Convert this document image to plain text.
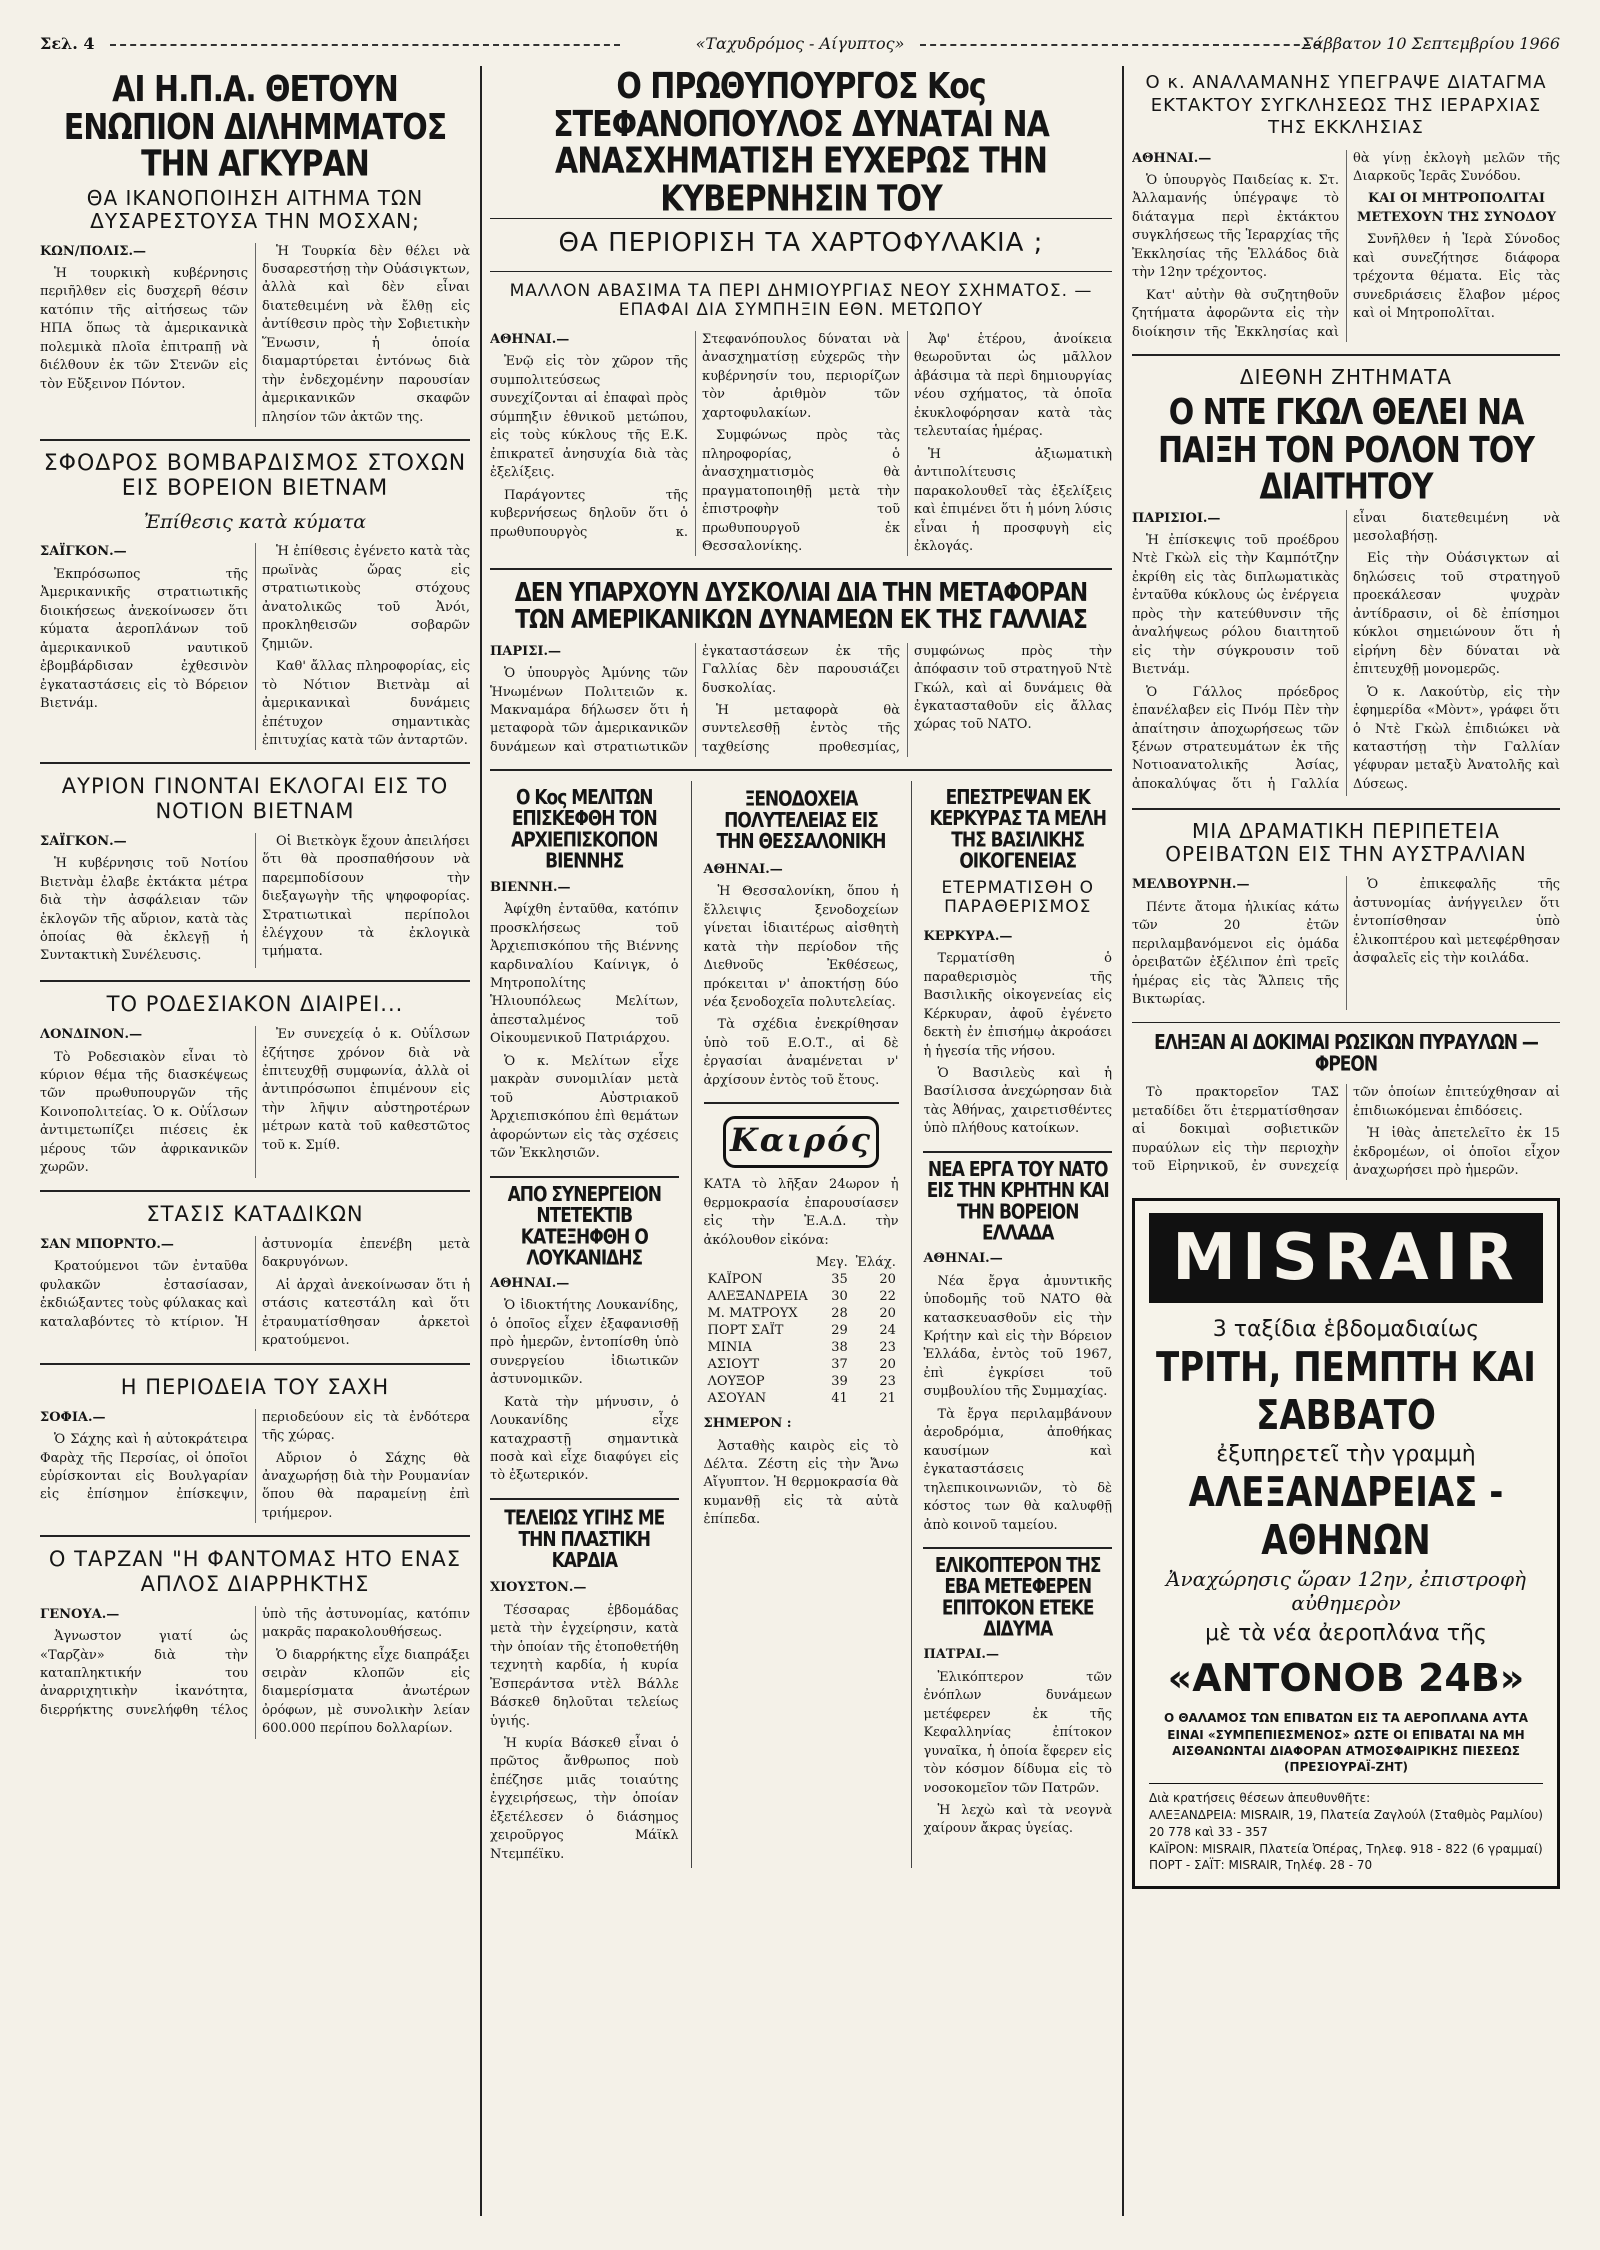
Σελ. 4	«Ταχυδρόμος - Αίγυπτος»	Σάββατον 10 Σεπτεμβρίου 1966
ΑΙ Η.Π.Α. ΘΕΤΟΥΝ ΕΝΩΠΙΟΝ ΔΙΛΗΜΜΑΤΟΣ ΤΗΝ ΑΓΚΥΡΑΝ
ΘΑ ΙΚΑΝΟΠΟΙΗΣΗ ΑΙΤΗΜΑ ΤΩΝ ΔΥΣΑΡΕΣΤΟΥΣΑ ΤΗΝ ΜΟΣΧΑΝ;

ΚΩΝ/ΠΟΛΙΣ.—

Ἡ τουρκικὴ κυβέρνησις περιῆλθεν εἰς δυσχερῆ θέσιν κατόπιν τῆς αἰτήσεως τῶν ΗΠΑ ὅπως τὰ ἀμερικανικὰ πολεμικὰ πλοῖα ἐπιτραπῇ νὰ διέλθουν ἐκ τῶν Στενῶν εἰς τὸν Εὔξεινον Πόντον.

Ἡ Τουρκία δὲν θέλει νὰ δυσαρεστήσῃ τὴν Οὐάσιγκτων, ἀλλὰ καὶ δὲν εἶναι διατεθειμένη νὰ ἔλθῃ εἰς ἀντίθεσιν πρὸς τὴν Σοβιετικὴν Ἕνωσιν, ἡ ὁποία διαμαρτύρεται ἐντόνως διὰ τὴν ἐνδεχομένην παρουσίαν ἀμερικανικῶν σκαφῶν πλησίον τῶν ἀκτῶν της.

ΣΦΟΔΡΟΣ ΒΟΜΒΑΡΔΙΣΜΟΣ ΣΤΟΧΩΝ ΕΙΣ ΒΟΡΕΙΟΝ ΒΙΕΤΝΑΜ
Ἐπίθεσις κατὰ κύματα

ΣΑΪΓΚΟΝ.—

Ἐκπρόσωπος τῆς Ἀμερικανικῆς στρατιωτικῆς διοικήσεως ἀνεκοίνωσεν ὅτι κύματα ἀεροπλάνων τοῦ ἀμερικανικοῦ ναυτικοῦ ἐβομβάρδισαν ἐχθεσινὸν ἐγκαταστάσεις εἰς τὸ Βόρειον Βιετνάμ.

Ἡ ἐπίθεσις ἐγένετο κατὰ τὰς πρωϊνὰς ὥρας εἰς στρατιωτικοὺς στόχους ἀνατολικῶς τοῦ Ἀνόι, προκληθεισῶν σοβαρῶν ζημιῶν.

Καθ' ἄλλας πληροφορίας, εἰς τὸ Νότιον Βιετνὰμ αἱ ἀμερικανικαὶ δυνάμεις ἐπέτυχον σημαντικὰς ἐπιτυχίας κατὰ τῶν ἀνταρτῶν.

ΑΥΡΙΟΝ ΓΙΝΟΝΤΑΙ ΕΚΛΟΓΑΙ ΕΙΣ ΤΟ ΝΟΤΙΟΝ ΒΙΕΤΝΑΜ

ΣΑΪΓΚΟΝ.—

Ἡ κυβέρνησις τοῦ Νοτίου Βιετνὰμ ἐλαβε ἐκτάκτα μέτρα διὰ τὴν ἀσφάλειαν τῶν ἐκλογῶν τῆς αὔριον, κατὰ τὰς ὁποίας θὰ ἐκλεγῇ ἡ Συντακτικὴ Συνέλευσις.

Οἱ Βιετκὸγκ ἔχουν ἀπειλήσει ὅτι θὰ προσπαθήσουν νὰ παρεμποδίσουν τὴν διεξαγωγὴν τῆς ψηφοφορίας. Στρατιωτικαὶ περίπολοι ἐλέγχουν τὰ ἐκλογικὰ τμήματα.

ΤΟ ΡΟΔΕΣΙΑΚΟΝ ΔΙΑΙΡΕΙ...

ΛΟΝΔΙΝΟΝ.—

Τὸ Ροδεσιακὸν εἶναι τὸ κύριον θέμα τῆς διασκέψεως τῶν πρωθυπουργῶν τῆς Κοινοπολιτείας. Ὁ κ. Οὐΐλσων ἀντιμετωπίζει πιέσεις ἐκ μέρους τῶν ἀφρικανικῶν χωρῶν.

Ἐν συνεχείᾳ ὁ κ. Οὐΐλσων ἐζήτησε χρόνον διὰ νὰ ἐπιτευχθῇ συμφωνία, ἀλλὰ οἱ ἀντιπρόσωποι ἐπιμένουν εἰς τὴν λῆψιν αὐστηροτέρων μέτρων κατὰ τοῦ καθεστῶτος τοῦ κ. Σμίθ.

ΣΤΑΣΙΣ ΚΑΤΑΔΙΚΩΝ

ΣΑΝ ΜΠΟΡΝΤΟ.—

Κρατούμενοι τῶν ἐνταῦθα φυλακῶν ἐστασίασαν, ἐκδιώξαντες τοὺς φύλακας καὶ καταλαβόντες τὸ κτίριον. Ἡ ἀστυνομία ἐπενέβη μετὰ δακρυγόνων.

Αἱ ἀρχαὶ ἀνεκοίνωσαν ὅτι ἡ στάσις κατεστάλη καὶ ὅτι ἐτραυματίσθησαν ἀρκετοὶ κρατούμενοι.

Η ΠΕΡΙΟΔΕΙΑ ΤΟΥ ΣΑΧΗ

ΣΟΦΙΑ.—

Ὁ Σάχης καὶ ἡ αὐτοκράτειρα Φαρὰχ τῆς Περσίας, οἱ ὁποῖοι εὑρίσκονται εἰς Βουλγαρίαν εἰς ἐπίσημον ἐπίσκεψιν, περιοδεύουν εἰς τὰ ἐνδότερα τῆς χώρας.

Αὔριον ὁ Σάχης θὰ ἀναχωρήσῃ διὰ τὴν Ρουμανίαν ὅπου θὰ παραμείνῃ ἐπὶ τριήμερον.

Ο ΤΑΡΖΑΝ "Η ΦΑΝΤΟΜΑΣ ΗΤΟ ΕΝΑΣ ΑΠΛΟΣ ΔΙΑΡΡΗΚΤΗΣ

ΓΕΝΟΥΑ.—

Ἀγνωστον γιατί ὡς «Ταρζὰν» διὰ τὴν καταπληκτικήν του ἀναρριχητικὴν ἱκανότητα, διερρήκτης συνελήφθη τέλος ὑπὸ τῆς ἀστυνομίας, κατόπιν μακρᾶς παρακολουθήσεως.

Ὁ διαρρήκτης εἶχε διαπράξει σειρὰν κλοπῶν εἰς διαμερίσματα ἀνωτέρων ὀρόφων, μὲ συνολικὴν λείαν 600.000 περίπου δολλαρίων.

Ο ΠΡΩΘΥΠΟΥΡΓΟΣ Κος ΣΤΕΦΑΝΟΠΟΥΛΟΣ ΔΥΝΑΤΑΙ ΝΑ ΑΝΑΣΧΗΜΑΤΙΣΗ ΕΥΧΕΡΩΣ ΤΗΝ ΚΥΒΕΡΝΗΣΙΝ ΤΟΥ
ΘΑ ΠΕΡΙΟΡΙΣΗ ΤΑ ΧΑΡΤΟΦΥΛΑΚΙΑ ;
ΜΑΛΛΟΝ ΑΒΑΣΙΜΑ ΤΑ ΠΕΡΙ ΔΗΜΙΟΥΡΓΙΑΣ ΝΕΟΥ ΣΧΗΜΑΤΟΣ. — ΕΠΑΦΑΙ ΔΙΑ ΣΥΜΠΗΞΙΝ ΕΘΝ. ΜΕΤΩΠΟΥ

ΑΘΗΝΑΙ.—

Ἐνῷ εἰς τὸν χῶρον τῆς συμπολιτεύσεως συνεχίζονται αἱ ἐπαφαὶ πρὸς σύμπηξιν ἐθνικοῦ μετώπου, εἰς τοὺς κύκλους τῆς Ε.Κ. ἐπικρατεῖ ἀνησυχία διὰ τὰς ἐξελίξεις.

Παράγοντες τῆς κυβερνήσεως δηλοῦν ὅτι ὁ πρωθυπουργὸς κ. Στεφανόπουλος δύναται νὰ ἀνασχηματίσῃ εὐχερῶς τὴν κυβέρνησίν του, περιορίζων τὸν ἀριθμὸν τῶν χαρτοφυλακίων.

Συμφώνως πρὸς τὰς πληροφορίας, ὁ ἀνασχηματισμὸς θὰ πραγματοποιηθῇ μετὰ τὴν ἐπιστροφὴν τοῦ πρωθυπουργοῦ ἐκ Θεσσαλονίκης.

Ἀφ' ἑτέρου, ἀνοίκεια θεωροῦνται ὡς μᾶλλον ἀβάσιμα τὰ περὶ δημιουργίας νέου σχήματος, τὰ ὁποῖα ἐκυκλοφόρησαν κατὰ τὰς τελευταίας ἡμέρας.

Ἡ ἀξιωματικὴ ἀντιπολίτευσις παρακολουθεῖ τὰς ἐξελίξεις καὶ ἐπιμένει ὅτι ἡ μόνη λύσις εἶναι ἡ προσφυγὴ εἰς ἐκλογάς.

ΔΕΝ ΥΠΑΡΧΟΥΝ ΔΥΣΚΟΛΙΑΙ ΔΙΑ ΤΗΝ ΜΕΤΑΦΟΡΑΝ ΤΩΝ ΑΜΕΡΙΚΑΝΙΚΩΝ ΔΥΝΑΜΕΩΝ ΕΚ ΤΗΣ ΓΑΛΛΙΑΣ

ΠΑΡΙΣΙ.—

Ὁ ὑπουργὸς Ἀμύνης τῶν Ἡνωμένων Πολιτειῶν κ. Μακναμάρα δήλωσεν ὅτι ἡ μεταφορὰ τῶν ἀμερικανικῶν δυνάμεων καὶ στρατιωτικῶν ἐγκαταστάσεων ἐκ τῆς Γαλλίας δὲν παρουσιάζει δυσκολίας.

Ἡ μεταφορὰ θὰ συντελεσθῇ ἐντὸς τῆς ταχθείσης προθεσμίας, συμφώνως πρὸς τὴν ἀπόφασιν τοῦ στρατηγοῦ Ντὲ Γκώλ, καὶ αἱ δυνάμεις θὰ ἐγκατασταθοῦν εἰς ἄλλας χώρας τοῦ ΝΑΤΟ.

Ο Κος ΜΕΛΙΤΩΝ ΕΠΙΣΚΕΦΘΗ ΤΟΝ ΑΡΧΙΕΠΙΣΚΟΠΟΝ ΒΙΕΝΝΗΣ

ΒΙΕΝΝΗ.—

Ἀφίχθη ἐνταῦθα, κατόπιν προσκλήσεως τοῦ Ἀρχιεπισκόπου τῆς Βιέννης καρδιναλίου Καίνιγκ, ὁ Μητροπολίτης Ἡλιουπόλεως Μελίτων, ἀπεσταλμένος τοῦ Οἰκουμενικοῦ Πατριάρχου.

Ὁ κ. Μελίτων εἶχε μακρὰν συνομιλίαν μετὰ τοῦ Αὐστριακοῦ Ἀρχιεπισκόπου ἐπὶ θεμάτων ἀφορώντων εἰς τὰς σχέσεις τῶν Ἐκκλησιῶν.

ΑΠΟ ΣΥΝΕΡΓΕΙΟΝ ΝΤΕΤΕΚΤΙΒ ΚΑΤΕΞΗΦΘΗ Ο ΛΟΥΚΑΝΙΔΗΣ

ΑΘΗΝΑΙ.—

Ὁ ἰδιοκτήτης Λουκανίδης, ὁ ὁποῖος εἶχεν ἐξαφανισθῇ πρὸ ἡμερῶν, ἐντοπίσθη ὑπὸ συνεργείου ἰδιωτικῶν ἀστυνομικῶν.

Κατὰ τὴν μήνυσιν, ὁ Λουκανίδης εἶχε καταχραστῇ σημαντικὰ ποσὰ καὶ εἶχε διαφύγει εἰς τὸ ἐξωτερικόν.

ΤΕΛΕΙΩΣ ΥΓΙΗΣ ΜΕ ΤΗΝ ΠΛΑΣΤΙΚΗ ΚΑΡΔΙΑ

ΧΙΟΥΣΤΟΝ.—

Τέσσαρας ἑβδομάδας μετὰ τὴν ἐγχείρησιν, κατὰ τὴν ὁποίαν τῆς ἐτοποθετήθη τεχνητὴ καρδία, ἡ κυρία Ἐσπεράντσα ντὲλ Βάλλε Βάσκεθ δηλοῦται τελείως ὑγιής.

Ἡ κυρία Βάσκεθ εἶναι ὁ πρῶτος ἄνθρωπος ποὺ ἐπέζησε μιᾶς τοιαύτης ἐγχειρήσεως, τὴν ὁποίαν ἐξετέλεσεν ὁ διάσημος χειροῦργος Μάϊκλ Ντεμπέϊκυ.

ΞΕΝΟΔΟΧΕΙΑ ΠΟΛΥΤΕΛΕΙΑΣ ΕΙΣ ΤΗΝ ΘΕΣΣΑΛΟΝΙΚΗ

ΑΘΗΝΑΙ.—

Ἡ Θεσσαλονίκη, ὅπου ἡ ἔλλειψις ξενοδοχείων γίνεται ἰδιαιτέρως αἰσθητὴ κατὰ τὴν περίοδον τῆς Διεθνοῦς Ἐκθέσεως, πρόκειται ν' ἀποκτήσῃ δύο νέα ξενοδοχεῖα πολυτελείας.

Τὰ σχέδια ἐνεκρίθησαν ὑπὸ τοῦ Ε.Ο.Τ., αἱ δὲ ἐργασίαι ἀναμένεται ν' ἀρχίσουν ἐντὸς τοῦ ἔτους.

Καιρός
ΚΑΤΑ τὸ λῆξαν 24ωρον ἡ θερμοκρασία ἐπαρουσίασεν εἰς τὴν Ἐ.Α.Δ. τὴν ἀκόλουθον εἰκόνα:
	Μεγ.	Ἐλάχ.
ΚΑΪΡΟΝ	35	20
ΑΛΕΞΑΝΔΡΕΙΑ	30	22
Μ. ΜΑΤΡΟΥΧ	28	20
ΠΟΡΤ ΣΑΪΤ	29	24
ΜΙΝΙΑ	38	23
ΑΣΙΟΥΤ	37	20
ΛΟΥΞΟΡ	39	23
ΑΣΟΥΑΝ	41	21

ΣΗΜΕΡΟΝ :

Ἀσταθὴς καιρὸς εἰς τὸ Δέλτα. Ζέστη εἰς τὴν Ἄνω Αἴγυπτον. Ἡ θερμοκρασία θὰ κυμανθῇ εἰς τὰ αὐτὰ ἐπίπεδα.

ΕΠΕΣΤΡΕΨΑΝ ΕΚ ΚΕΡΚΥΡΑΣ ΤΑ ΜΕΛΗ ΤΗΣ ΒΑΣΙΛΙΚΗΣ ΟΙΚΟΓΕΝΕΙΑΣ
ΕΤΕΡΜΑΤΙΣΘΗ Ο ΠΑΡΑΘΕΡΙΣΜΟΣ

ΚΕΡΚΥΡΑ.—

Τερματίσθη ὁ παραθερισμὸς τῆς Βασιλικῆς οἰκογενείας εἰς Κέρκυραν, ἀφοῦ ἐγένετο δεκτὴ ἐν ἐπισήμῳ ἀκροάσει ἡ ἡγεσία τῆς νήσου.

Ὁ Βασιλεὺς καὶ ἡ Βασίλισσα ἀνεχώρησαν διὰ τὰς Ἀθήνας, χαιρετισθέντες ὑπὸ πλήθους κατοίκων.

ΝΕΑ ΕΡΓΑ ΤΟΥ ΝΑΤΟ ΕΙΣ ΤΗΝ ΚΡΗΤΗΝ ΚΑΙ ΤΗΝ ΒΟΡΕΙΟΝ ΕΛΛΑΔΑ

ΑΘΗΝΑΙ.—

Νέα ἔργα ἀμυντικῆς ὑποδομῆς τοῦ ΝΑΤΟ θὰ κατασκευασθοῦν εἰς τὴν Κρήτην καὶ εἰς τὴν Βόρειον Ἑλλάδα, ἐντὸς τοῦ 1967, ἐπὶ ἐγκρίσει τοῦ συμβουλίου τῆς Συμμαχίας.

Τὰ ἔργα περιλαμβάνουν ἀεροδρόμια, ἀποθήκας καυσίμων καὶ ἐγκαταστάσεις τηλεπικοινωνιῶν, τὸ δὲ κόστος των θὰ καλυφθῇ ἀπὸ κοινοῦ ταμείου.

ΕΛΙΚΟΠΤΕΡΟΝ ΤΗΣ ΕΒΑ ΜΕΤΕΦΕΡΕΝ ΕΠΙΤΟΚΟΝ ΕΤΕΚΕ ΔΙΔΥΜΑ

ΠΑΤΡΑΙ.—

Ἐλικόπτερον τῶν ἐνόπλων δυνάμεων μετέφερεν ἐκ τῆς Κεφαλληνίας ἐπίτοκον γυναῖκα, ἡ ὁποία ἔφερεν εἰς τὸν κόσμον δίδυμα εἰς τὸ νοσοκομεῖον τῶν Πατρῶν.

Ἡ λεχὼ καὶ τὰ νεογνὰ χαίρουν ἄκρας ὑγείας.

Ο κ. ΑΝΑΛΑΜΑΝΗΣ ΥΠΕΓΡΑΨΕ ΔΙΑΤΑΓΜΑ ΕΚΤΑΚΤΟΥ ΣΥΓΚΛΗΣΕΩΣ ΤΗΣ ΙΕΡΑΡΧΙΑΣ ΤΗΣ ΕΚΚΛΗΣΙΑΣ

ΑΘΗΝΑΙ.—

Ὁ ὑπουργὸς Παιδείας κ. Στ. Ἀλλαμανής ὑπέγραψε τὸ διάταγμα περὶ ἐκτάκτου συγκλήσεως τῆς Ἱεραρχίας τῆς Ἐκκλησίας τῆς Ἑλλάδος διὰ τὴν 12ην τρέχοντος.

Κατ' αὐτὴν θὰ συζητηθοῦν ζητήματα ἀφορῶντα εἰς τὴν διοίκησιν τῆς Ἐκκλησίας καὶ θὰ γίνῃ ἐκλογὴ μελῶν τῆς Διαρκοῦς Ἱερᾶς Συνόδου.

ΚΑΙ ΟΙ ΜΗΤΡΟΠΟΛΙΤΑΙ ΜΕΤΕΧΟΥΝ ΤΗΣ ΣΥΝΟΔΟΥ

Συνῆλθεν ἡ Ἱερὰ Σύνοδος καὶ συνεζήτησε διάφορα τρέχοντα θέματα. Εἰς τὰς συνεδριάσεις ἔλαβον μέρος καὶ οἱ Μητροπολῖται.

ΔΙΕΘΝΗ ΖΗΤΗΜΑΤΑ
Ο ΝΤΕ ΓΚΩΛ ΘΕΛΕΙ ΝΑ ΠΑΙΞΗ ΤΟΝ ΡΟΛΟΝ ΤΟΥ ΔΙΑΙΤΗΤΟΥ

ΠΑΡΙΣΙΟΙ.—

Ἡ ἐπίσκεψις τοῦ προέδρου Ντὲ Γκὼλ εἰς τὴν Καμπότζην ἐκρίθη εἰς τὰς διπλωματικὰς ἐνταῦθα κύκλους ὡς ἐνέργεια πρὸς τὴν κατεύθυνσιν τῆς ἀναλήψεως ρόλου διαιτητοῦ εἰς τὴν σύγκρουσιν τοῦ Βιετνάμ.

Ὁ Γάλλος πρόεδρος ἐπανέλαβεν εἰς Πνόμ Πὲν τὴν ἀπαίτησιν ἀποχωρήσεως τῶν ξένων στρατευμάτων ἐκ τῆς Νοτιοανατολικῆς Ἀσίας, ἀποκαλύψας ὅτι ἡ Γαλλία εἶναι διατεθειμένη νὰ μεσολαβήσῃ.

Εἰς τὴν Οὐάσιγκτων αἱ δηλώσεις τοῦ στρατηγοῦ προεκάλεσαν ψυχρὰν ἀντίδρασιν, οἱ δὲ ἐπίσημοι κύκλοι σημειώνουν ὅτι ἡ εἰρήνη δὲν δύναται νὰ ἐπιτευχθῇ μονομερῶς.

Ὁ κ. Λακούτὺρ, εἰς τὴν ἐφημερίδα «Μὸντ», γράφει ὅτι ὁ Ντὲ Γκὼλ ἐπιδιώκει νὰ καταστήσῃ τὴν Γαλλίαν γέφυραν μεταξὺ Ἀνατολῆς καὶ Δύσεως.

ΜΙΑ ΔΡΑΜΑΤΙΚΗ ΠΕΡΙΠΕΤΕΙΑ ΟΡΕΙΒΑΤΩΝ ΕΙΣ ΤΗΝ ΑΥΣΤΡΑΛΙΑΝ

ΜΕΛΒΟΥΡΝΗ.—

Πέντε ἄτομα ἡλικίας κάτω τῶν 20 ἐτῶν περιλαμβανόμενοι εἰς ὁμάδα ὀρειβατῶν ἐξέλιπον ἐπὶ τρεῖς ἡμέρας εἰς τὰς Ἄλπεις τῆς Βικτωρίας.

Ὁ ἐπικεφαλῆς τῆς ἀστυνομίας ἀνήγγειλεν ὅτι ἐντοπίσθησαν ὑπὸ ἐλικοπτέρου καὶ μετεφέρθησαν ἀσφαλεῖς εἰς τὴν κοιλάδα.

ΕΛΗΞΑΝ ΑΙ ΔΟΚΙΜΑΙ ΡΩΣΙΚΩΝ ΠΥΡΑΥΛΩΝ — ΦΡΕΟΝ

Τὸ πρακτορεῖον ΤΑΣ μεταδίδει ὅτι ἐτερματίσθησαν αἱ δοκιμαὶ σοβιετικῶν πυραύλων εἰς τὴν περιοχὴν τοῦ Εἰρηνικοῦ, ἐν συνεχείᾳ τῶν ὁποίων ἐπιτεύχθησαν αἱ ἐπιδιωκόμεναι ἐπιδόσεις.

Ἡ ἱθὰς ἀπετελεῖτο ἐκ 15 ἐκδρομέων, οἱ ὁποῖοι εἶχον ἀναχωρήσει πρὸ ἡμερῶν.

MISRAIR
3 ταξίδια ἑβδομαδιαίως
ΤΡΙΤΗ, ΠΕΜΠΤΗ ΚΑΙ ΣΑΒΒΑΤΟ
ἐξυπηρετεῖ τὴν γραμμὴ
ΑΛΕΞΑΝΔΡΕΙΑΣ - ΑΘΗΝΩΝ
Ἀναχώρησις ὥραν 12ην, ἐπιστροφὴ αὐθημερὸν
μὲ τὰ νέα ἀεροπλάνα τῆς
«ΑΝΤΟΝΟΒ 24Β»
Ο ΘΑΛΑΜΟΣ ΤΩΝ ΕΠΙΒΑΤΩΝ ΕΙΣ ΤΑ ΑΕΡΟΠΛΑΝΑ ΑΥΤΑ ΕΙΝΑΙ «ΣΥΜΠΕΠΙΕΣΜΕΝΟΣ» ΩΣΤΕ ΟΙ ΕΠΙΒΑΤΑΙ ΝΑ ΜΗ ΑΙΣΘΑΝΩΝΤΑΙ ΔΙΑΦΟΡΑΝ ΑΤΜΟΣΦΑΙΡΙΚΗΣ ΠΙΕΣΕΩΣ (ΠΡΕΣΙΟΥΡΑΪ-ΖΗΤ)
Διὰ κρατήσεις θέσεων ἀπευθυνθῆτε:
ΑΛΕΞΑΝΔΡΕΙΑ: MISRAIR, 19, Πλατεία Ζαγλούλ (Σταθμὸς Ραμλίου) 20 778 καὶ 33 - 357
ΚΑΪΡΟΝ: MISRAIR, Πλατεία Ὀπέρας, Τηλεφ. 918 - 822 (6 γραμμαί)
ΠΟΡΤ - ΣΑΪΤ: MISRAIR, Τηλέφ. 28 - 70
